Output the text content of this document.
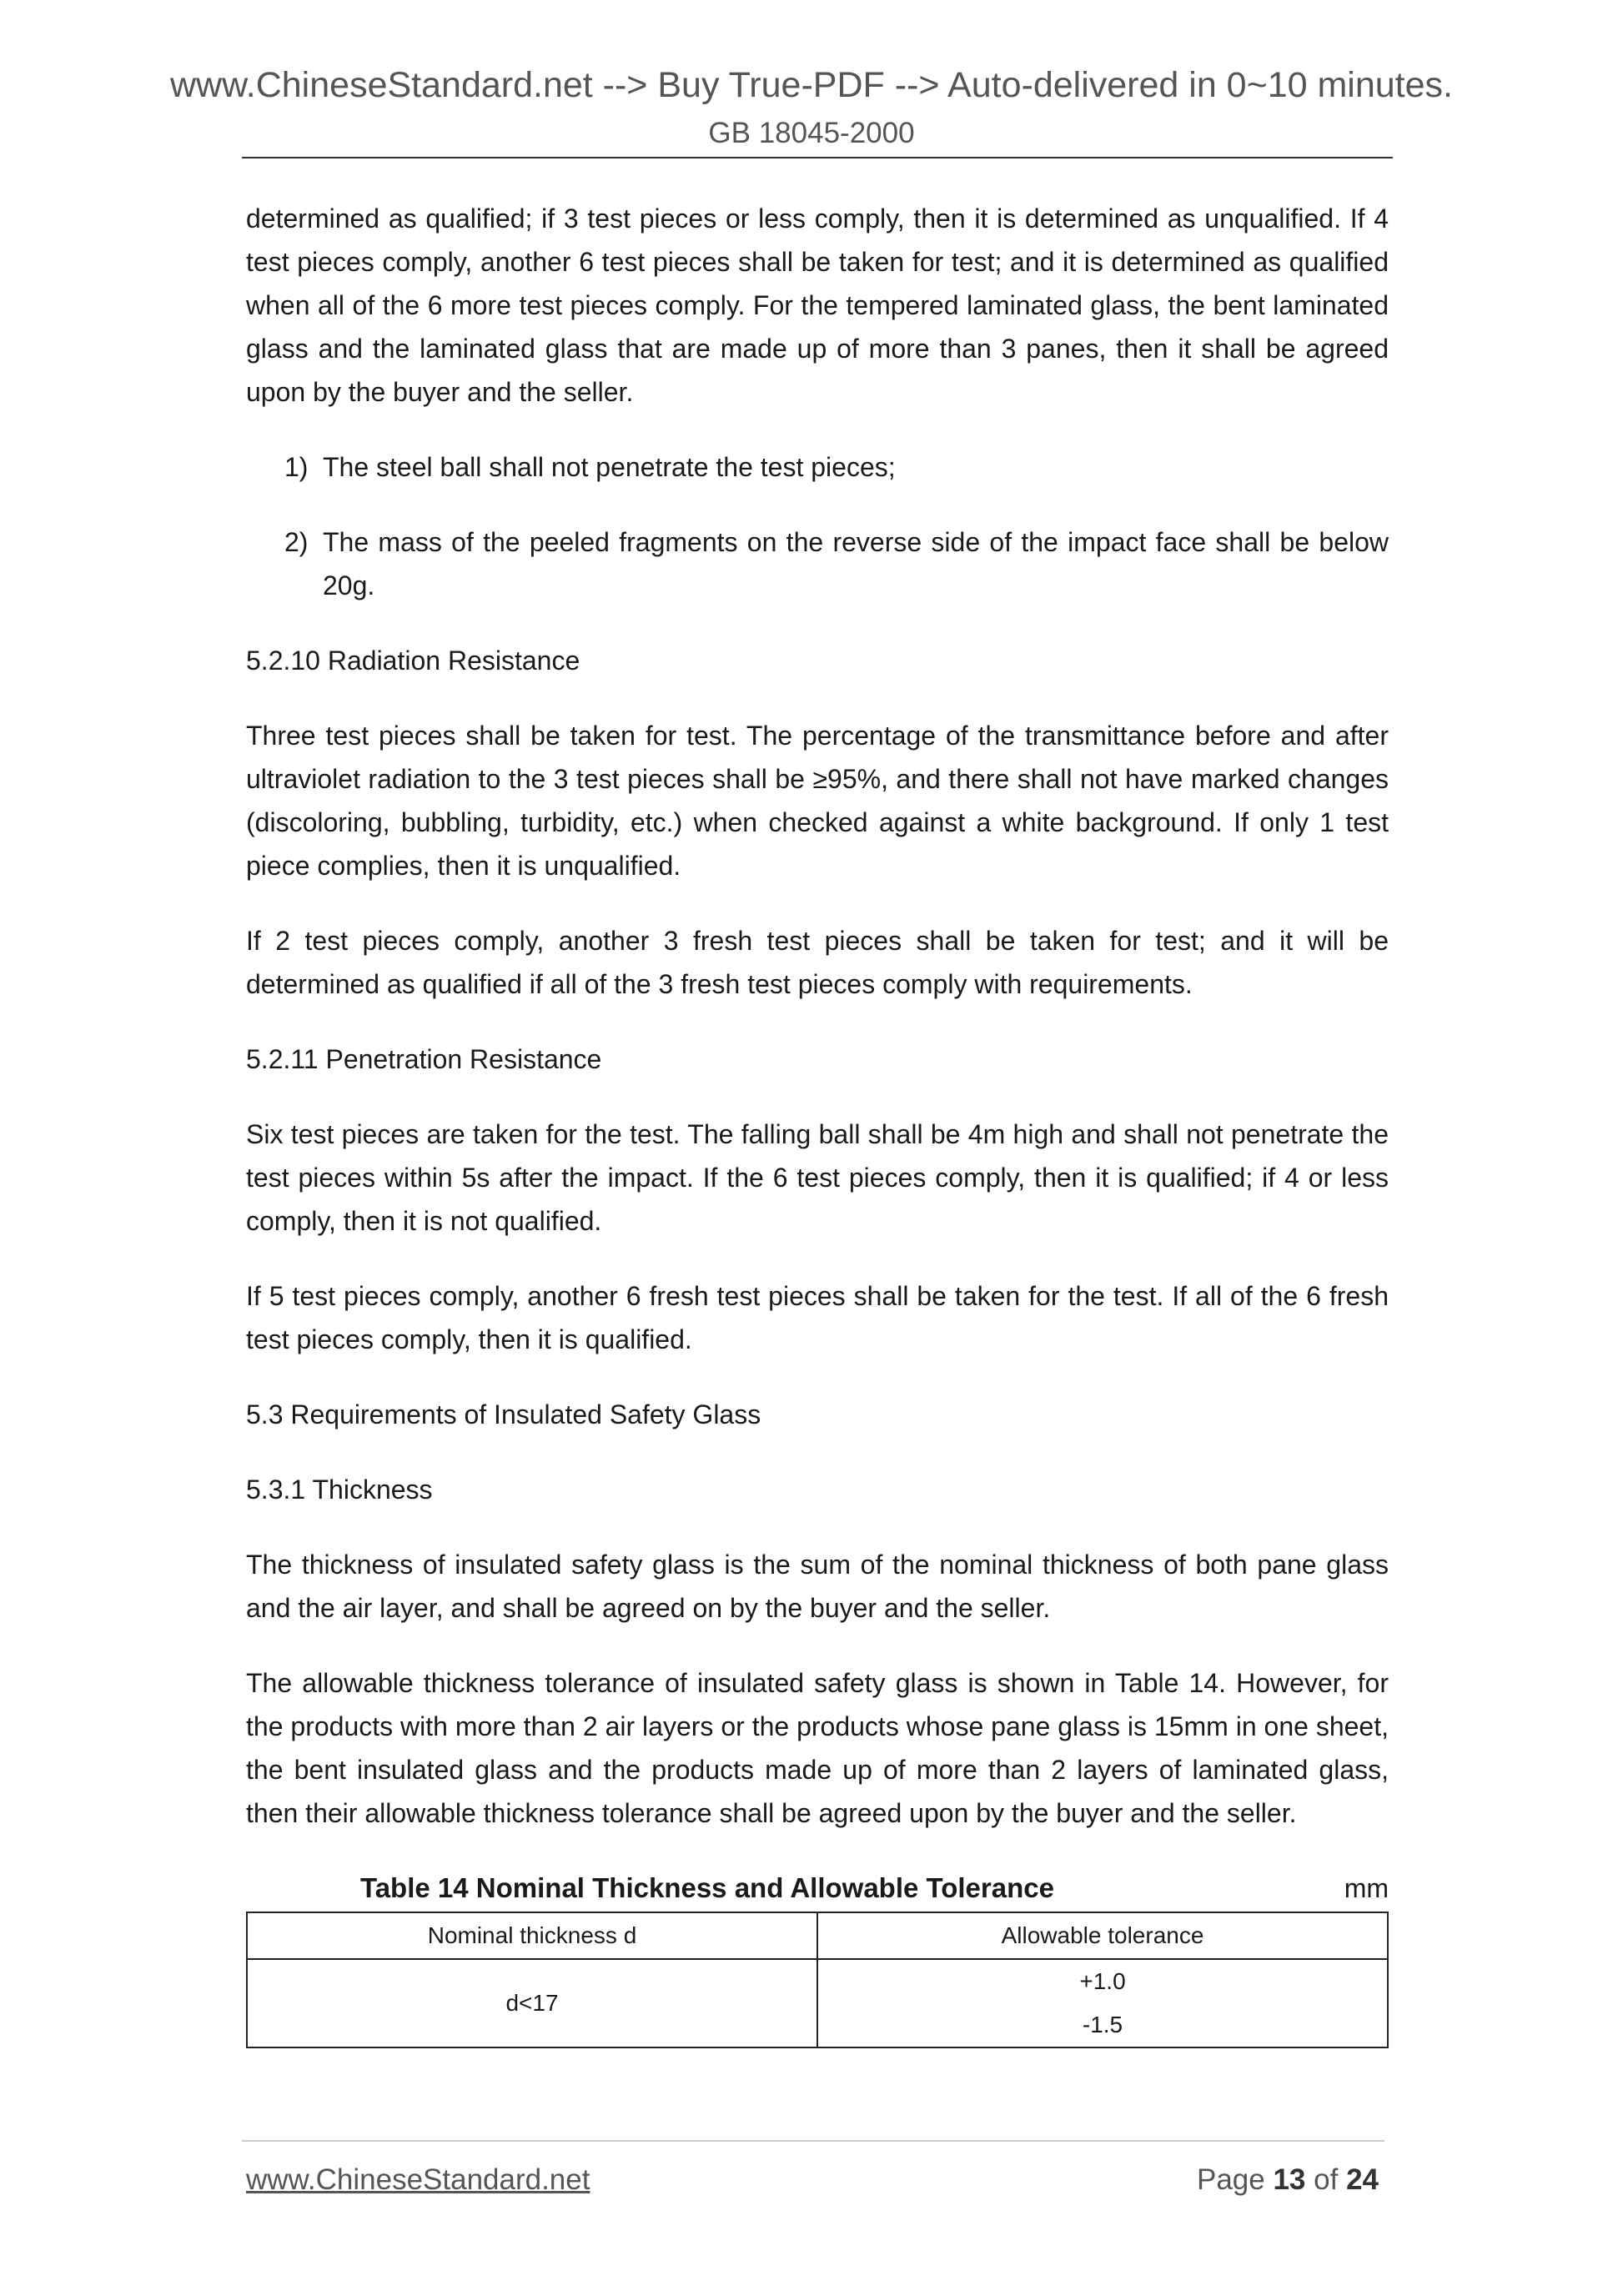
www.ChineseStandard.net --> Buy True-PDF --> Auto-delivered in 0~10 minutes.
GB 18045-2000

determined as qualified; if 3 test pieces or less comply, then it is determined as unqualified. If 4 test pieces comply, another 6 test pieces shall be taken for test; and it is determined as qualified when all of the 6 more test pieces comply. For the tempered laminated glass, the bent laminated glass and the laminated glass that are made up of more than 3 panes, then it shall be agreed upon by the buyer and the seller.

1) The steel ball shall not penetrate the test pieces;
2) The mass of the peeled fragments on the reverse side of the impact face shall be below 20g.
5.2.10 Radiation Resistance

Three test pieces shall be taken for test. The percentage of the transmittance before and after ultraviolet radiation to the 3 test pieces shall be ≥95%, and there shall not have marked changes (discoloring, bubbling, turbidity, etc.) when checked against a white background. If only 1 test piece complies, then it is unqualified.

If 2 test pieces comply, another 3 fresh test pieces shall be taken for test; and it will be determined as qualified if all of the 3 fresh test pieces comply with requirements.

5.2.11 Penetration Resistance

Six test pieces are taken for the test. The falling ball shall be 4m high and shall not penetrate the test pieces within 5s after the impact. If the 6 test pieces comply, then it is qualified; if 4 or less comply, then it is not qualified.

If 5 test pieces comply, another 6 fresh test pieces shall be taken for the test. If all of the 6 fresh test pieces comply, then it is qualified.

5.3 Requirements of Insulated Safety Glass
5.3.1 Thickness

The thickness of insulated safety glass is the sum of the nominal thickness of both pane glass and the air layer, and shall be agreed on by the buyer and the seller.

The allowable thickness tolerance of insulated safety glass is shown in Table 14. However, for the products with more than 2 air layers or the products whose pane glass is 15mm in one sheet, the bent insulated glass and the products made up of more than 2 layers of laminated glass, then their allowable thickness tolerance shall be agreed upon by the buyer and the seller.

Table 14 Nominal Thickness and Allowable Tolerance	mm
Nominal thickness d	Allowable tolerance
d<17	+1.0
-1.5
www.ChineseStandard.net	Page 13 of 24
